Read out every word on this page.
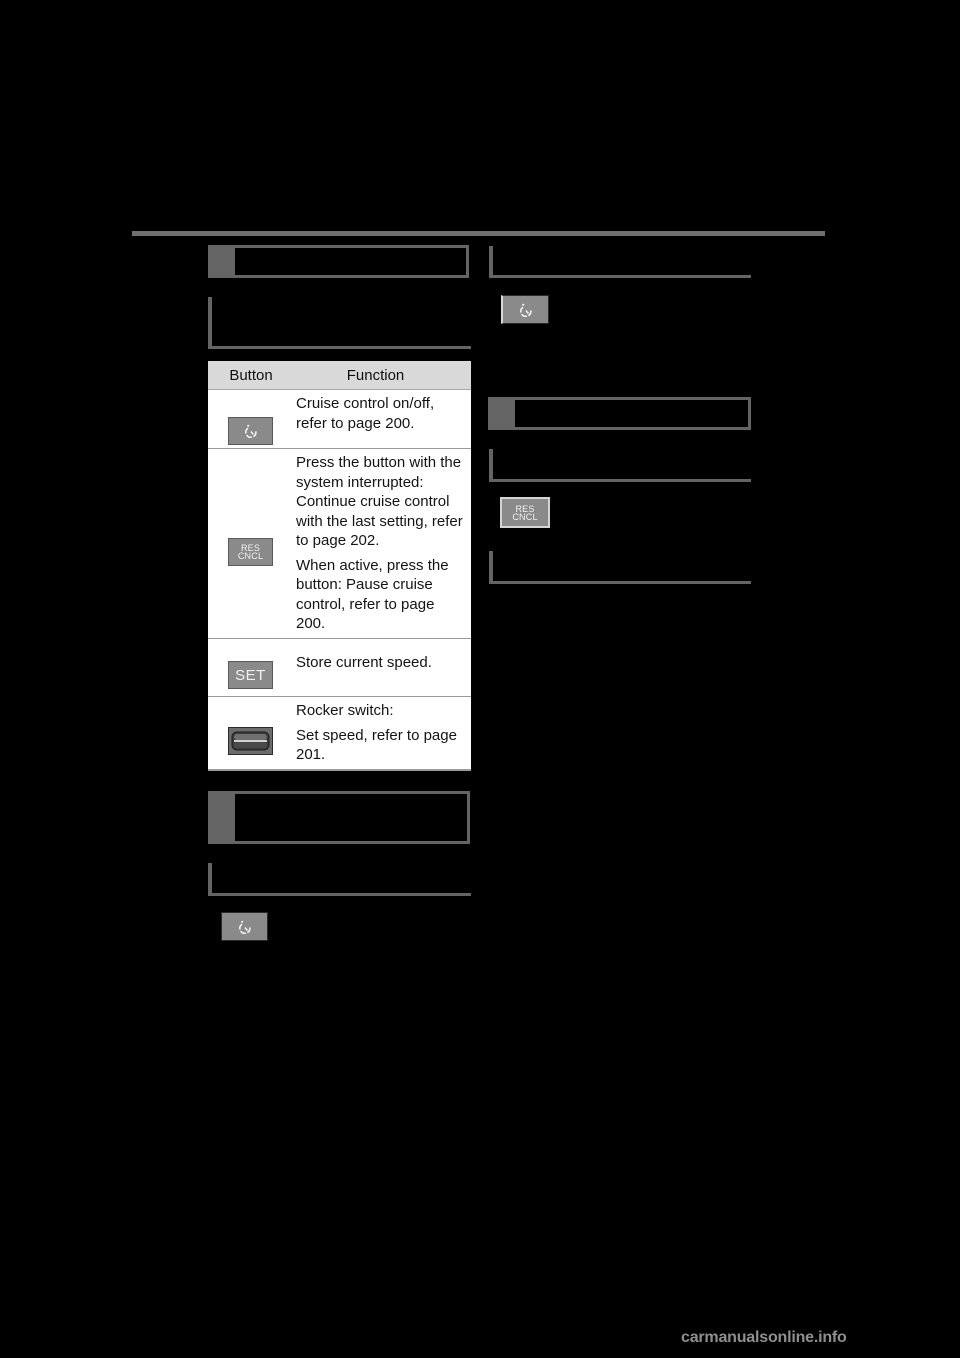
Button	Function

Cruise control on/off, refer to page 200.

RES
CNCL

Press the button with the system interrupted: Continue cruise control with the last setting, refer to page 202.

When active, press the button: Pause cruise control, refer to page 200.

SET

Store current speed.

Rocker switch:

Set speed, refer to page 201.

RES
CNCL
carmanualsonline.info
